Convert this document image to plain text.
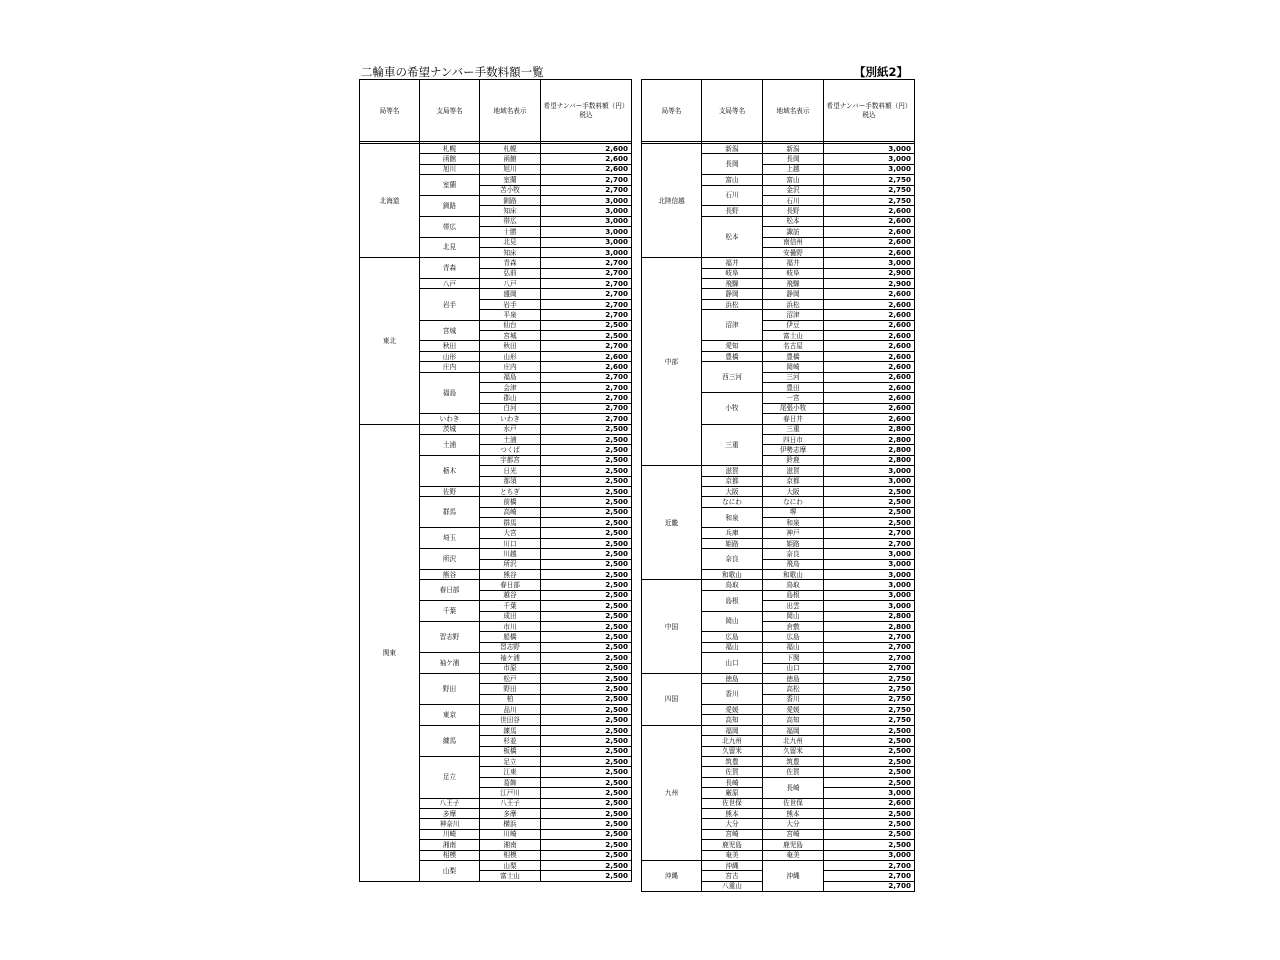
二輪車の希望ナンバー手数料額一覧	【別紙2】
局等名	支局等名	地域名表示	希望ナンバー手数料額（円）税込

北海道	札幌	札幌	2,600
	函館	函館	2,600
	旭川	旭川	2,600
	室蘭	室蘭	2,700
		苫小牧	2,700
	釧路	釧路	3,000
		知床	3,000
	帯広	帯広	3,000
		十勝	3,000
	北見	北見	3,000
		知床	3,000
東北	青森	青森	2,700
		弘前	2,700
	八戸	八戸	2,700
	岩手	盛岡	2,700
		岩手	2,700
		平泉	2,700
	宮城	仙台	2,500
		宮城	2,500
	秋田	秋田	2,700
	山形	山形	2,600
	庄内	庄内	2,600
	福島	福島	2,700
		会津	2,700
		郡山	2,700
		白河	2,700
	いわき	いわき	2,700
関東	茨城	水戸	2,500
	土浦	土浦	2,500
		つくば	2,500
	栃木	宇都宮	2,500
		日光	2,500
		那須	2,500
	佐野	とちぎ	2,500
	群馬	前橋	2,500
		高崎	2,500
		群馬	2,500
	埼玉	大宮	2,500
		川口	2,500
	所沢	川越	2,500
		所沢	2,500
	熊谷	熊谷	2,500
	春日部	春日部	2,500
		越谷	2,500
	千葉	千葉	2,500
		成田	2,500
	習志野	市川	2,500
		船橋	2,500
		習志野	2,500
	袖ケ浦	袖ケ浦	2,500
		市原	2,500
	野田	松戸	2,500
		野田	2,500
		柏	2,500
	東京	品川	2,500
		世田谷	2,500
	練馬	練馬	2,500
		杉並	2,500
		板橋	2,500
	足立	足立	2,500
		江東	2,500
		葛飾	2,500
		江戸川	2,500
	八王子	八王子	2,500
	多摩	多摩	2,500
	神奈川	横浜	2,500
	川崎	川崎	2,500
	湘南	湘南	2,500
	相模	相模	2,500
	山梨	山梨	2,500
		富士山	2,500
局等名	支局等名	地域名表示	希望ナンバー手数料額（円）税込

北陸信越	新潟	新潟	3,000
	長岡	長岡	3,000
		上越	3,000
	富山	富山	2,750
	石川	金沢	2,750
		石川	2,750
	長野	長野	2,600
	松本	松本	2,600
		諏訪	2,600
		南信州	2,600
		安曇野	2,600
中部	福井	福井	3,000
	岐阜	岐阜	2,900
	飛騨	飛騨	2,900
	静岡	静岡	2,600
	浜松	浜松	2,600
	沼津	沼津	2,600
		伊豆	2,600
		富士山	2,600
	愛知	名古屋	2,600
	豊橋	豊橋	2,600
	西三河	岡崎	2,600
		三河	2,600
		豊田	2,600
	小牧	一宮	2,600
		尾張小牧	2,600
		春日井	2,600
	三重	三重	2,800
		四日市	2,800
		伊勢志摩	2,800
		鈴鹿	2,800
近畿	滋賀	滋賀	3,000
	京都	京都	3,000
	大阪	大阪	2,500
	なにわ	なにわ	2,500
	和泉	堺	2,500
		和泉	2,500
	兵庫	神戸	2,700
	姫路	姫路	2,700
	奈良	奈良	3,000
		飛鳥	3,000
	和歌山	和歌山	3,000
中国	鳥取	鳥取	3,000
	島根	島根	3,000
		出雲	3,000
	岡山	岡山	2,800
		倉敷	2,800
	広島	広島	2,700
	福山	福山	2,700
	山口	下関	2,700
		山口	2,700
四国	徳島	徳島	2,750
	香川	高松	2,750
		香川	2,750
	愛媛	愛媛	2,750
	高知	高知	2,750
九州	福岡	福岡	2,500
	北九州	北九州	2,500
	久留米	久留米	2,500
	筑豊	筑豊	2,500
	佐賀	佐賀	2,500
	長崎	長崎	2,500
	厳原		3,000
	佐世保	佐世保	2,600
	熊本	熊本	2,500
	大分	大分	2,500
	宮崎	宮崎	2,500
	鹿児島	鹿児島	2,500
	奄美	奄美	3,000
沖縄	沖縄	沖縄	2,700
	宮古		2,700
	八重山		2,700
